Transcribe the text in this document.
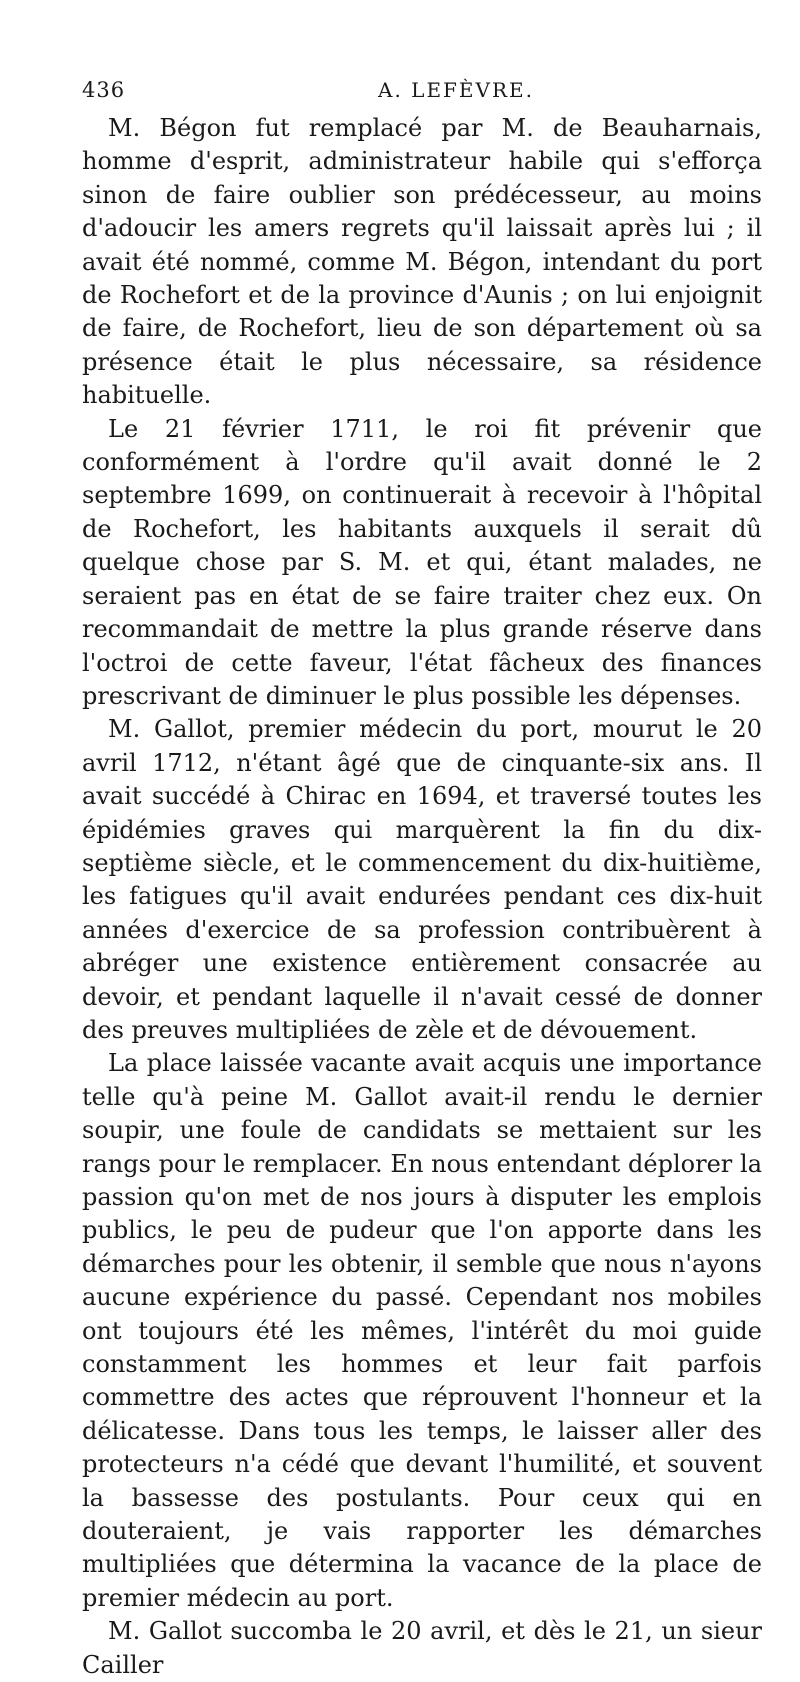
436	A. LEFÈVRE.

M. Bégon fut remplacé par M. de Beauharnais, homme d'esprit, administrateur habile qui s'efforça sinon de faire oublier son prédécesseur, au moins d'adoucir les amers regrets qu'il laissait après lui ; il avait été nommé, comme M. Bégon, intendant du port de Rochefort et de la province d'Aunis ; on lui enjoignit de faire, de Rochefort, lieu de son département où sa présence était le plus nécessaire, sa résidence habituelle.

Le 21 février 1711, le roi fit prévenir que conformément à l'ordre qu'il avait donné le 2 septembre 1699, on continuerait à recevoir à l'hôpital de Rochefort, les habitants auxquels il serait dû quelque chose par S. M. et qui, étant malades, ne seraient pas en état de se faire traiter chez eux. On recommandait de mettre la plus grande réserve dans l'octroi de cette faveur, l'état fâcheux des finances prescrivant de diminuer le plus possible les dépenses.

M. Gallot, premier médecin du port, mourut le 20 avril 1712, n'étant âgé que de cinquante-six ans. Il avait succédé à Chirac en 1694, et traversé toutes les épidémies graves qui marquèrent la fin du dix-septième siècle, et le commencement du dix-huitième, les fatigues qu'il avait endurées pendant ces dix-huit années d'exercice de sa profession contribuèrent à abréger une existence entièrement consacrée au devoir, et pendant laquelle il n'avait cessé de donner des preuves multipliées de zèle et de dévouement.

La place laissée vacante avait acquis une importance telle qu'à peine M. Gallot avait-il rendu le dernier soupir, une foule de candidats se mettaient sur les rangs pour le remplacer. En nous entendant déplorer la passion qu'on met de nos jours à disputer les emplois publics, le peu de pudeur que l'on apporte dans les démarches pour les obtenir, il semble que nous n'ayons aucune expérience du passé. Cependant nos mobiles ont toujours été les mêmes, l'intérêt du moi guide constamment les hommes et leur fait parfois commettre des actes que réprouvent l'honneur et la délicatesse. Dans tous les temps, le laisser aller des protecteurs n'a cédé que devant l'humilité, et souvent la bassesse des postulants. Pour ceux qui en douteraient, je vais rapporter les démarches multipliées que détermina la vacance de la place de premier médecin au port.

M. Gallot succomba le 20 avril, et dès le 21, un sieur Cailler
